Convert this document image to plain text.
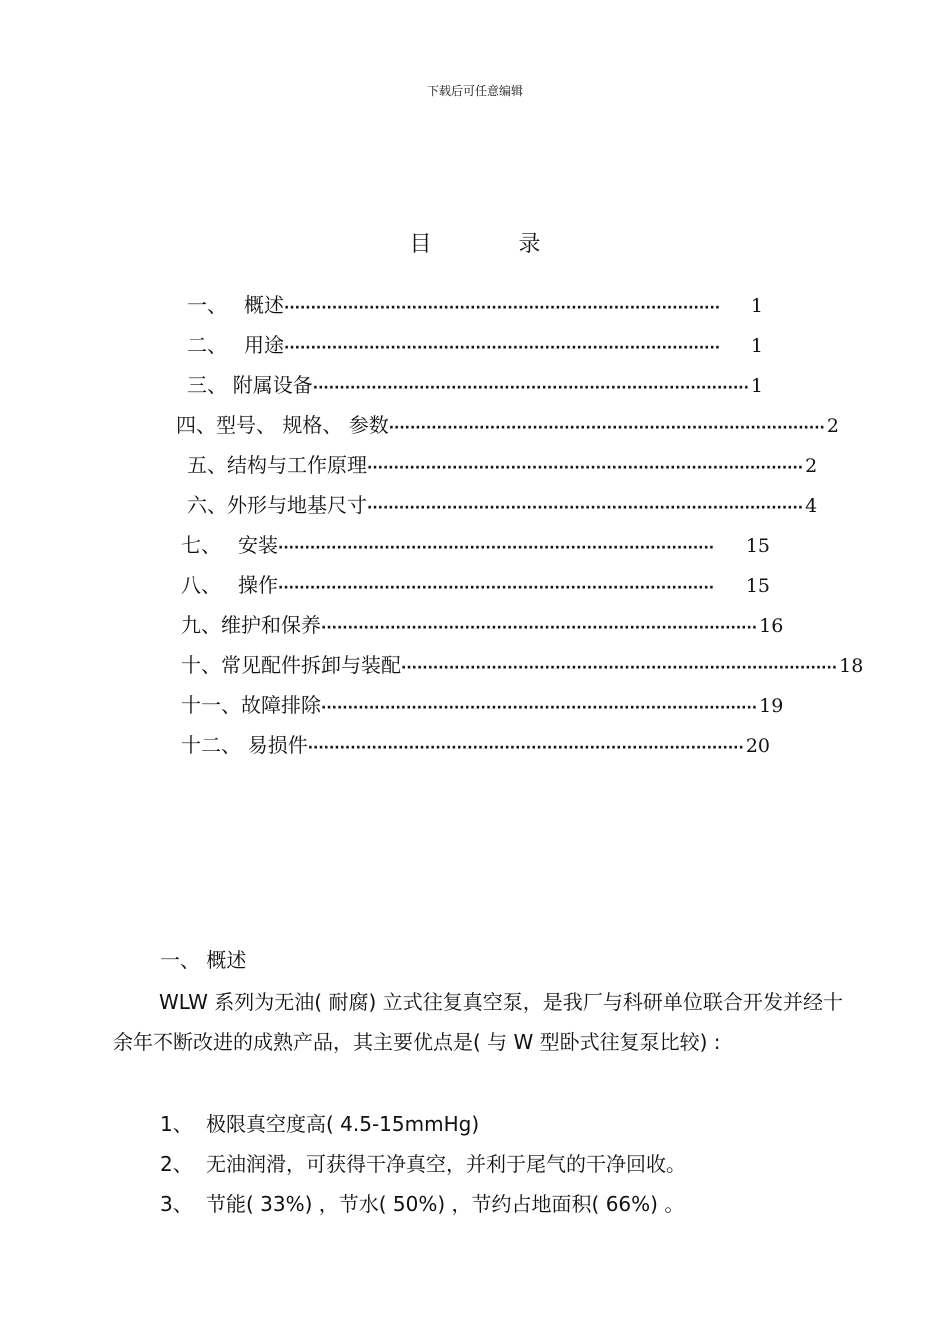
下载后可任意编辑
目 录
一、 概述 ··················································································	1
二、 用途 ··················································································	1
三、 附属设备 ·················································································· 1
四、 型号、 规格、 参数 ·················································································· 2
五、 结构与工作原理 ·················································································· 2
六、 外形与地基尺寸 ·················································································· 4
七、 安装 ··················································································	15
八、 操作 ··················································································	15
九、 维护和保养 ·················································································· 16
十、 常见配件拆卸与装配 ·················································································· 18
十一、 故障排除 ·················································································· 19
十二、 易损件 ·················································································· 20
一、 概述
WLW 系列为无油( 耐腐) 立式往复真空泵，是我厂与科研单位联合开发并经十余年不断改进的成熟产品，其主要优点是( 与 W 型卧式往复泵比较) :
1、 极限真空度高( 4.5-15mmHg)
2、 无油润滑，可获得干净真空，并利于尾气的干净回收。
3、 节能( 33%) ，节水( 50%) ，节约占地面积( 66%) 。
